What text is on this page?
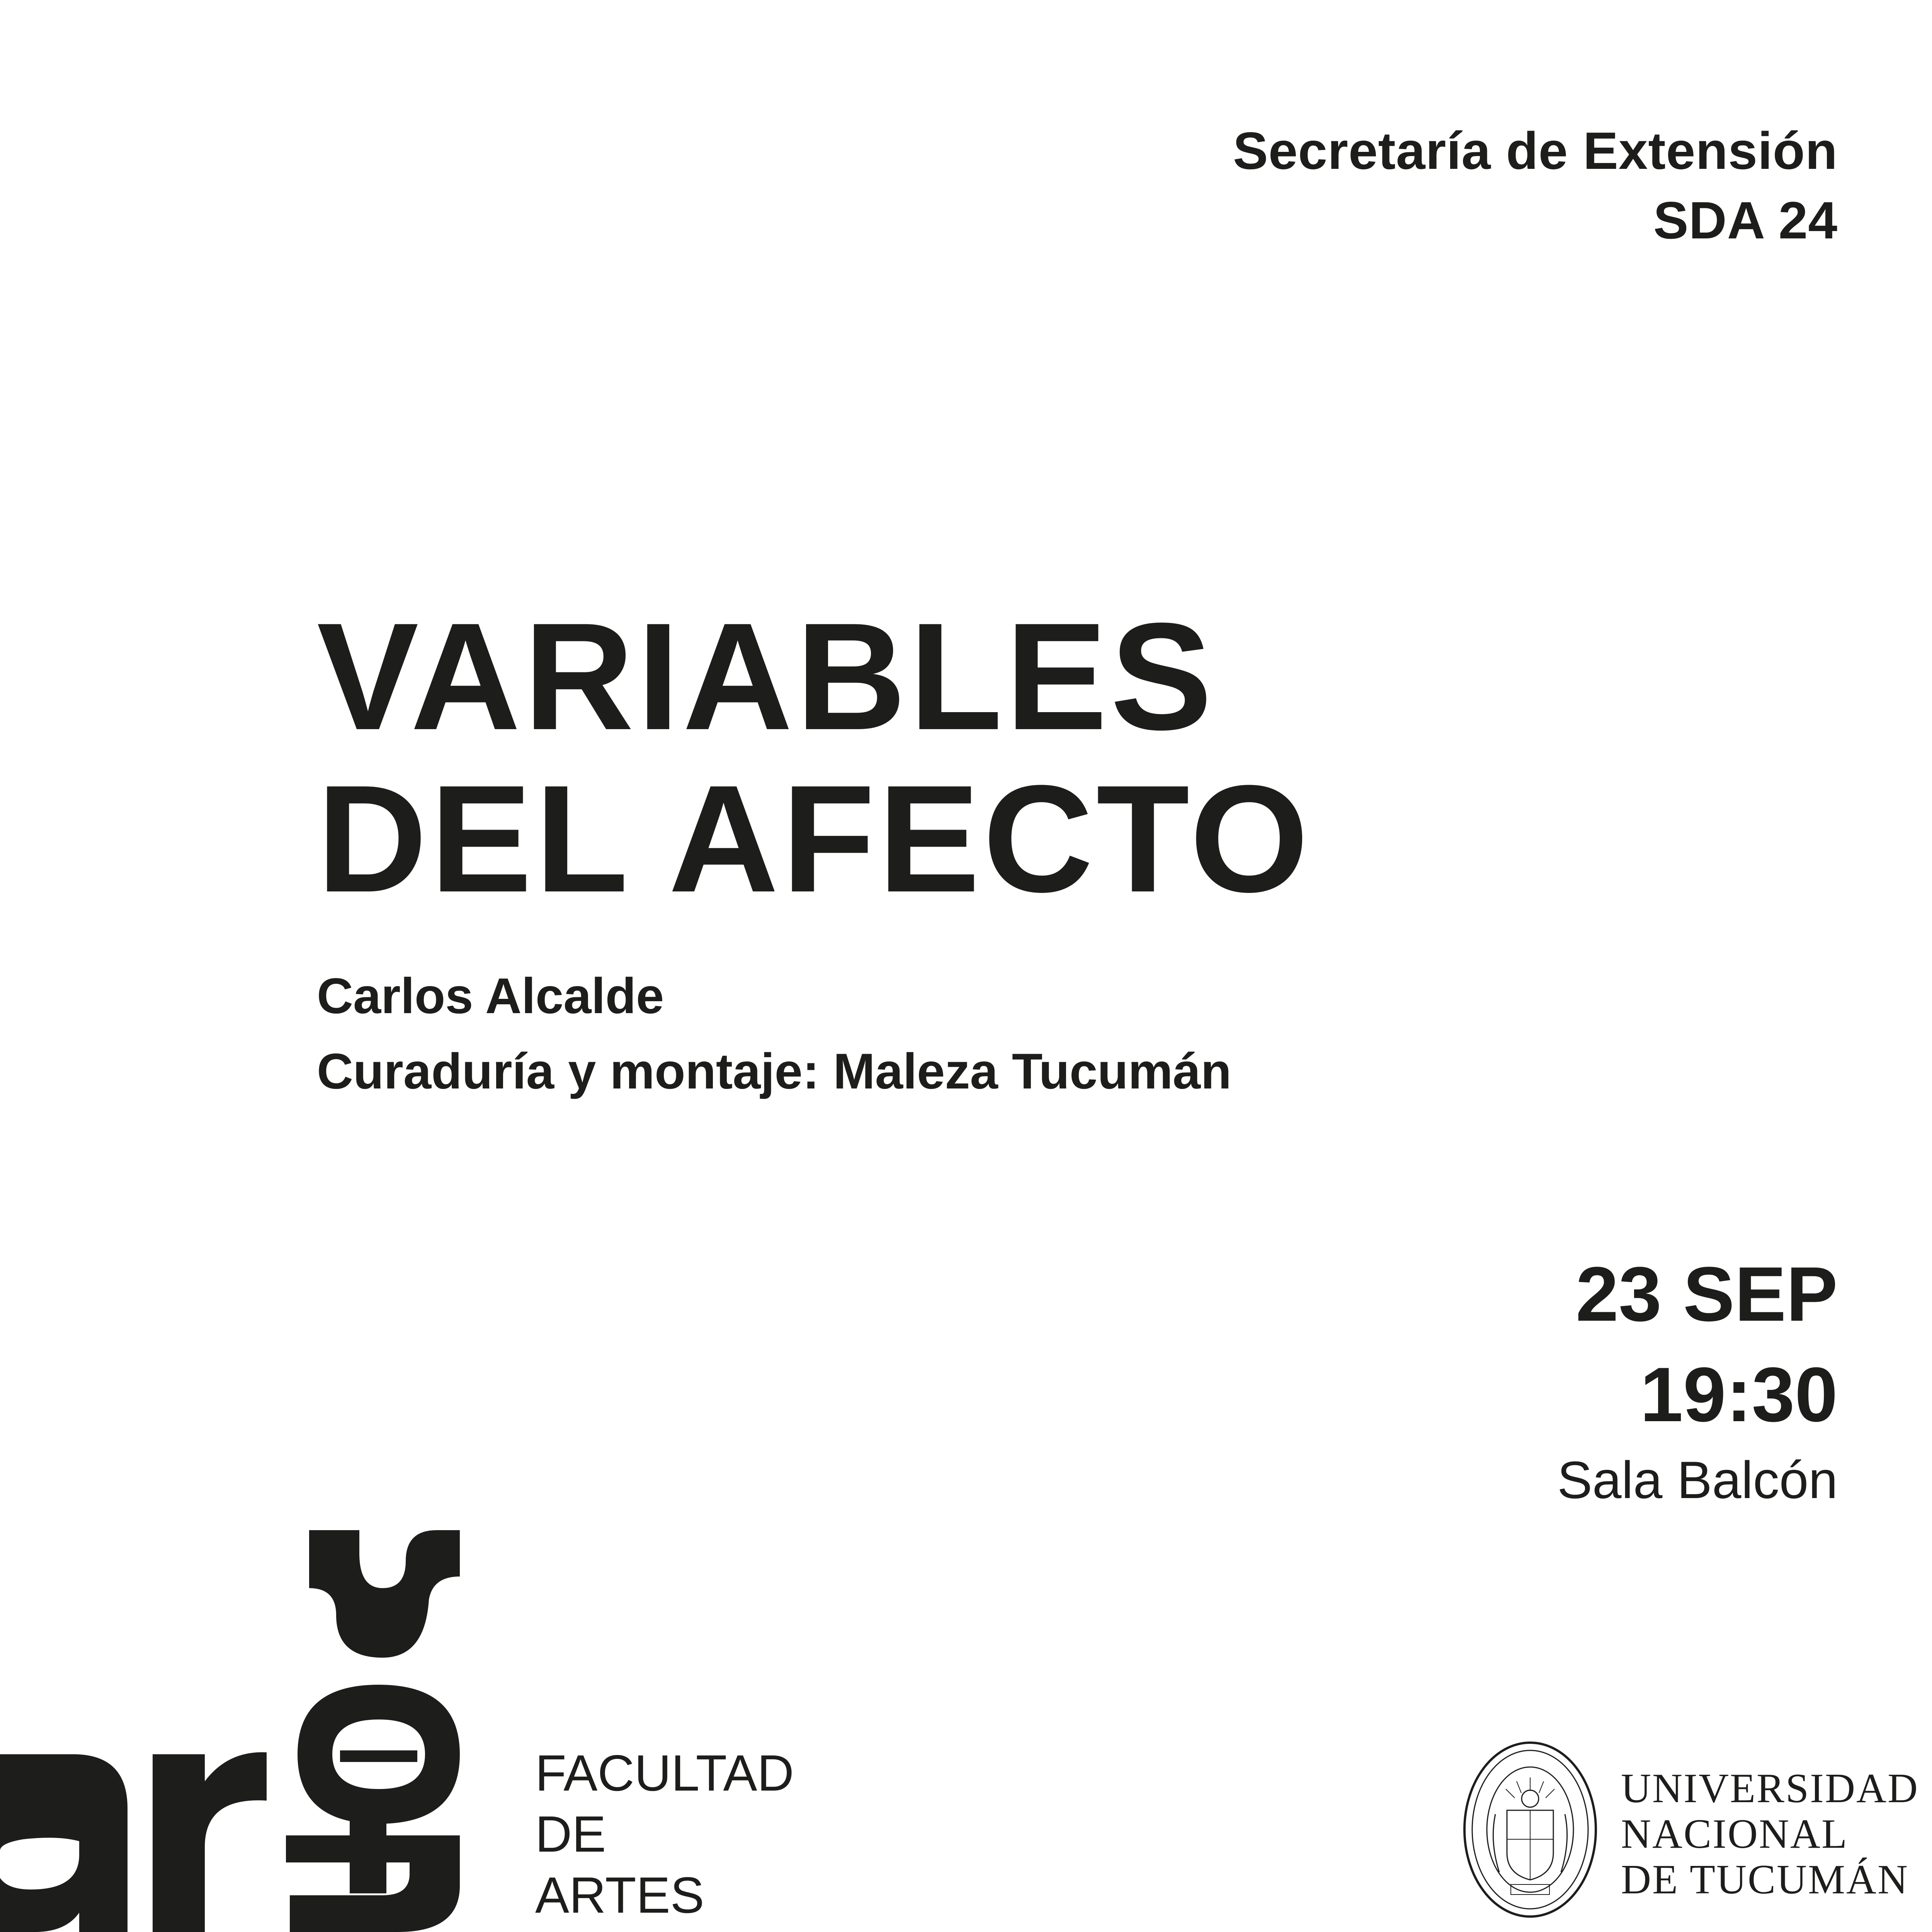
Secretaría de Extensión
SDA 24
VARIABLES
DEL AFECTO
Carlos Alcalde
Curaduría y montaje: Maleza Tucumán
23 SEP
19:30
Sala Balcón
FACULTAD
DE
ARTES
UNIVERSIDAD
NACIONAL
DE TUCUMÁN
